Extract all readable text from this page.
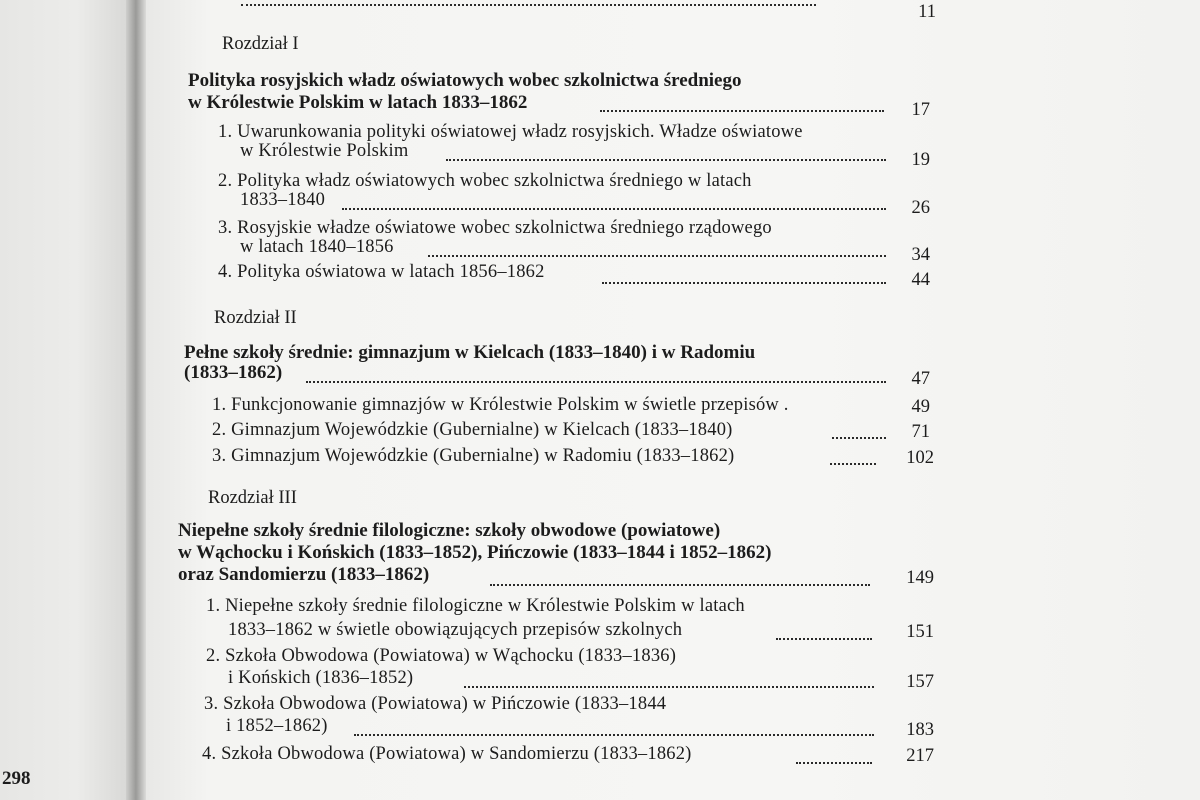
298
11
Rozdział I
Polityka rosyjskich władz oświatowych wobec szkolnictwa średniego
w Królestwie Polskim w latach 1833–1862	17
1. Uwarunkowania polityki oświatowej władz rosyjskich. Władze oświatowe
w Królestwie Polskim	19
2. Polityka władz oświatowych wobec szkolnictwa średniego w latach
1833–1840	26
3. Rosyjskie władze oświatowe wobec szkolnictwa średniego rządowego
w latach 1840–1856	34
4. Polityka oświatowa w latach 1856–1862	44
Rozdział II
Pełne szkoły średnie: gimnazjum w Kielcach (1833–1840) i w Radomiu
(1833–1862)	47
1. Funkcjonowanie gimnazjów w Królestwie Polskim w świetle przepisów .	49
2. Gimnazjum Wojewódzkie (Gubernialne) w Kielcach (1833–1840)	71
3. Gimnazjum Wojewódzkie (Gubernialne) w Radomiu (1833–1862)	102
Rozdział III
Niepełne szkoły średnie filologiczne: szkoły obwodowe (powiatowe)
w Wąchocku i Końskich (1833–1852), Pińczowie (1833–1844 i 1852–1862)
oraz Sandomierzu (1833–1862)	149
1. Niepełne szkoły średnie filologiczne w Królestwie Polskim w latach
1833–1862 w świetle obowiązujących przepisów szkolnych	151
2. Szkoła Obwodowa (Powiatowa) w Wąchocku (1833–1836)
i Końskich (1836–1852)	157
3. Szkoła Obwodowa (Powiatowa) w Pińczowie (1833–1844
i 1852–1862)	183
4. Szkoła Obwodowa (Powiatowa) w Sandomierzu (1833–1862)	217
